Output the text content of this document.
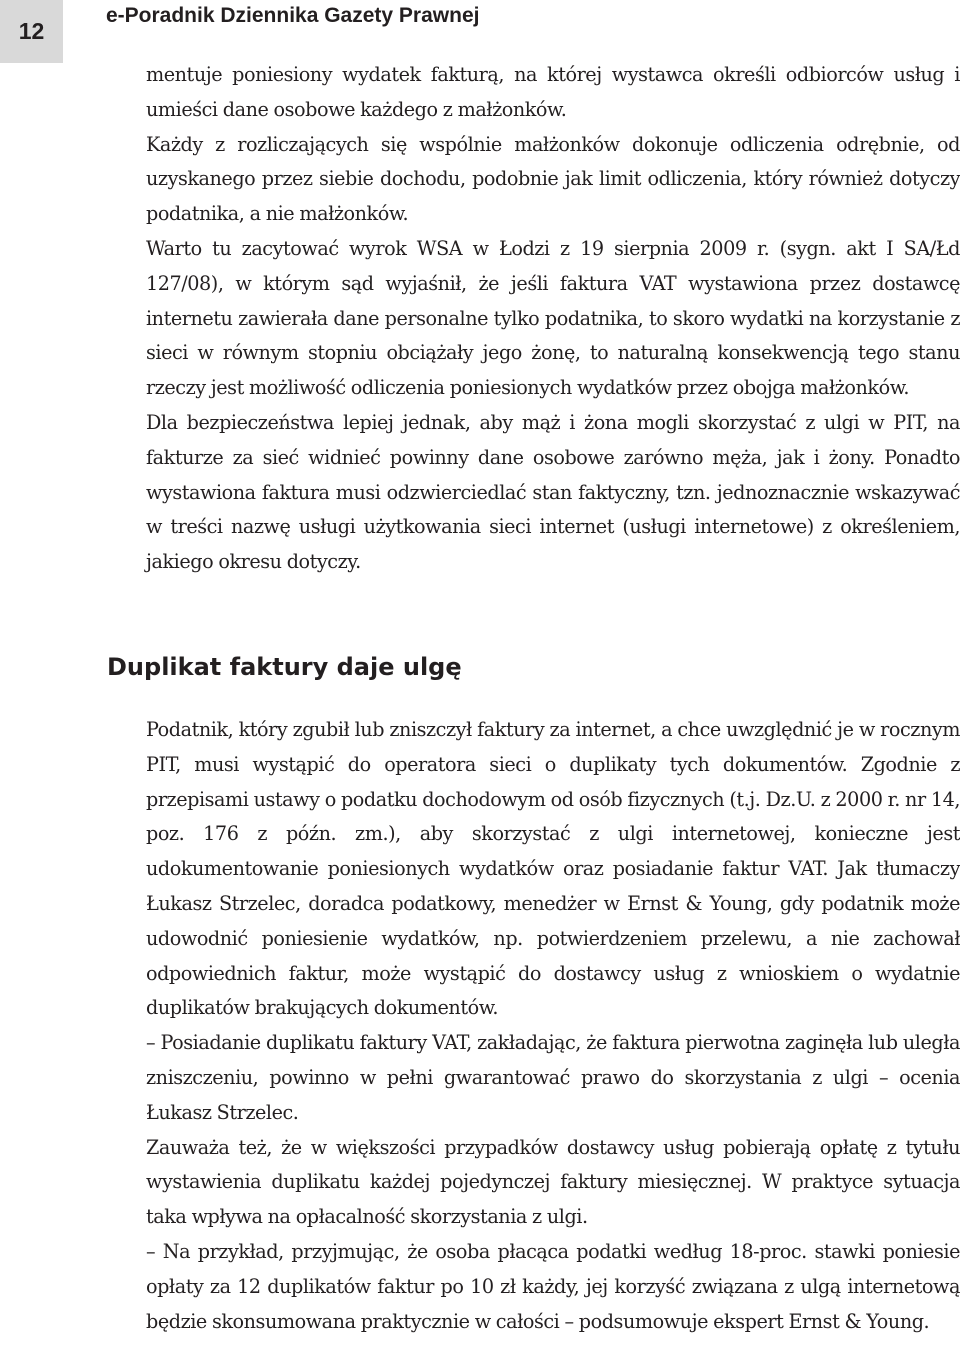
12
e-Poradnik Dziennika Gazety Prawnej

mentuje poniesiony wydatek fakturą, na której wystawca określi odbiorców usług i umieści dane osobowe każdego z małżonków.

Każdy z rozliczających się wspólnie małżonków dokonuje odliczenia odrębnie, od uzyskanego przez siebie dochodu, podobnie jak limit odliczenia, który również dotyczy podatnika, a nie małżonków.

Warto tu zacytować wyrok WSA w Łodzi z 19 sierpnia 2009 r. (sygn. akt I SA/Łd 127/08), w którym sąd wyjaśnił, że jeśli faktura VAT wystawiona przez dostawcę internetu zawierała dane personalne tylko podatnika, to skoro wydatki na korzystanie z sieci w równym stopniu obciążały jego żonę, to naturalną konsekwencją tego stanu rzeczy jest możliwość odliczenia poniesionych wydatków przez obojga małżonków.

Dla bezpieczeństwa lepiej jednak, aby mąż i żona mogli skorzystać z ulgi w PIT, na fakturze za sieć widnieć powinny dane osobowe zarówno męża, jak i żony. Ponadto wystawiona faktura musi odzwierciedlać stan faktyczny, tzn. jednoznacznie wskazywać w treści nazwę usługi użytkowania sieci internet (usługi internetowe) z określeniem, jakiego okresu dotyczy.

Duplikat faktury daje ulgę

Podatnik, który zgubił lub zniszczył faktury za internet, a chce uwzględnić je w rocznym PIT, musi wystąpić do operatora sieci o duplikaty tych dokumentów. Zgodnie z przepisami ustawy o podatku dochodowym od osób fizycznych (t.j. Dz.U. z 2000 r. nr 14, poz. 176 z późn. zm.), aby skorzystać z ulgi internetowej, konieczne jest udokumentowanie poniesionych wydatków oraz posiadanie faktur VAT. Jak tłumaczy Łukasz Strzelec, doradca podatkowy, menedżer w Ernst & Young, gdy podatnik może udowodnić poniesienie wydatków, np. potwierdzeniem przelewu, a nie zachował odpowiednich faktur, może wystąpić do dostawcy usług z wnioskiem o wydatnie duplikatów brakujących dokumentów.

– Posiadanie duplikatu faktury VAT, zakładając, że faktura pierwotna zaginęła lub uległa zniszczeniu, powinno w pełni gwarantować prawo do skorzystania z ulgi – ocenia Łukasz Strzelec.

Zauważa też, że w większości przypadków dostawcy usług pobierają opłatę z tytułu wystawienia duplikatu każdej pojedynczej faktury miesięcznej. W praktyce sytuacja taka wpływa na opłacalność skorzystania z ulgi.

– Na przykład, przyjmując, że osoba płacąca podatki według 18-proc. stawki poniesie opłaty za 12 duplikatów faktur po 10 zł każdy, jej korzyść związana z ulgą internetową będzie skonsumowana praktycznie w całości – podsumowuje ekspert Ernst & Young.
